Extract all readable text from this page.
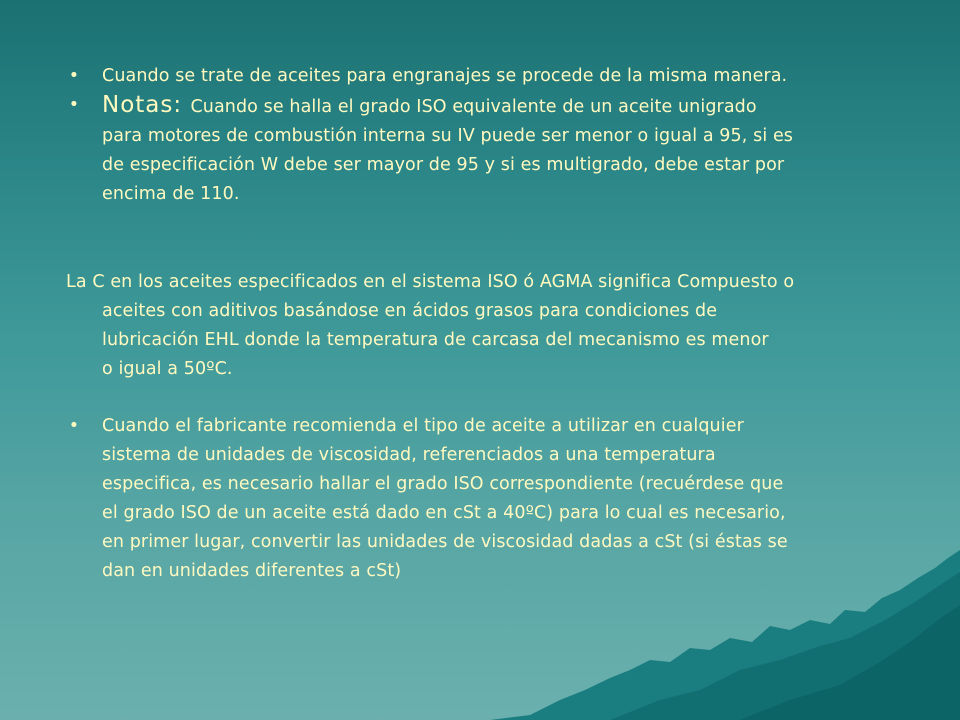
• Cuando se trate de aceites para engranajes se procede de la misma manera.
• Notas: Cuando se halla el grado ISO equivalente de un aceite unigrado
para motores de combustión interna su IV puede ser menor o igual a 95, si es
de especificación W debe ser mayor de 95 y si es multigrado, debe estar por
encima de 110.
La C en los aceites especificados en el sistema ISO ó AGMA significa Compuesto o
aceites con aditivos basándose en ácidos grasos para condiciones de
lubricación EHL donde la temperatura de carcasa del mecanismo es menor
o igual a 50ºC.
• Cuando el fabricante recomienda el tipo de aceite a utilizar en cualquier
sistema de unidades de viscosidad, referenciados a una temperatura
especifica, es necesario hallar el grado ISO correspondiente (recuérdese que
el grado ISO de un aceite está dado en cSt a 40ºC) para lo cual es necesario,
en primer lugar, convertir las unidades de viscosidad dadas a cSt (si éstas se
dan en unidades diferentes a cSt)
